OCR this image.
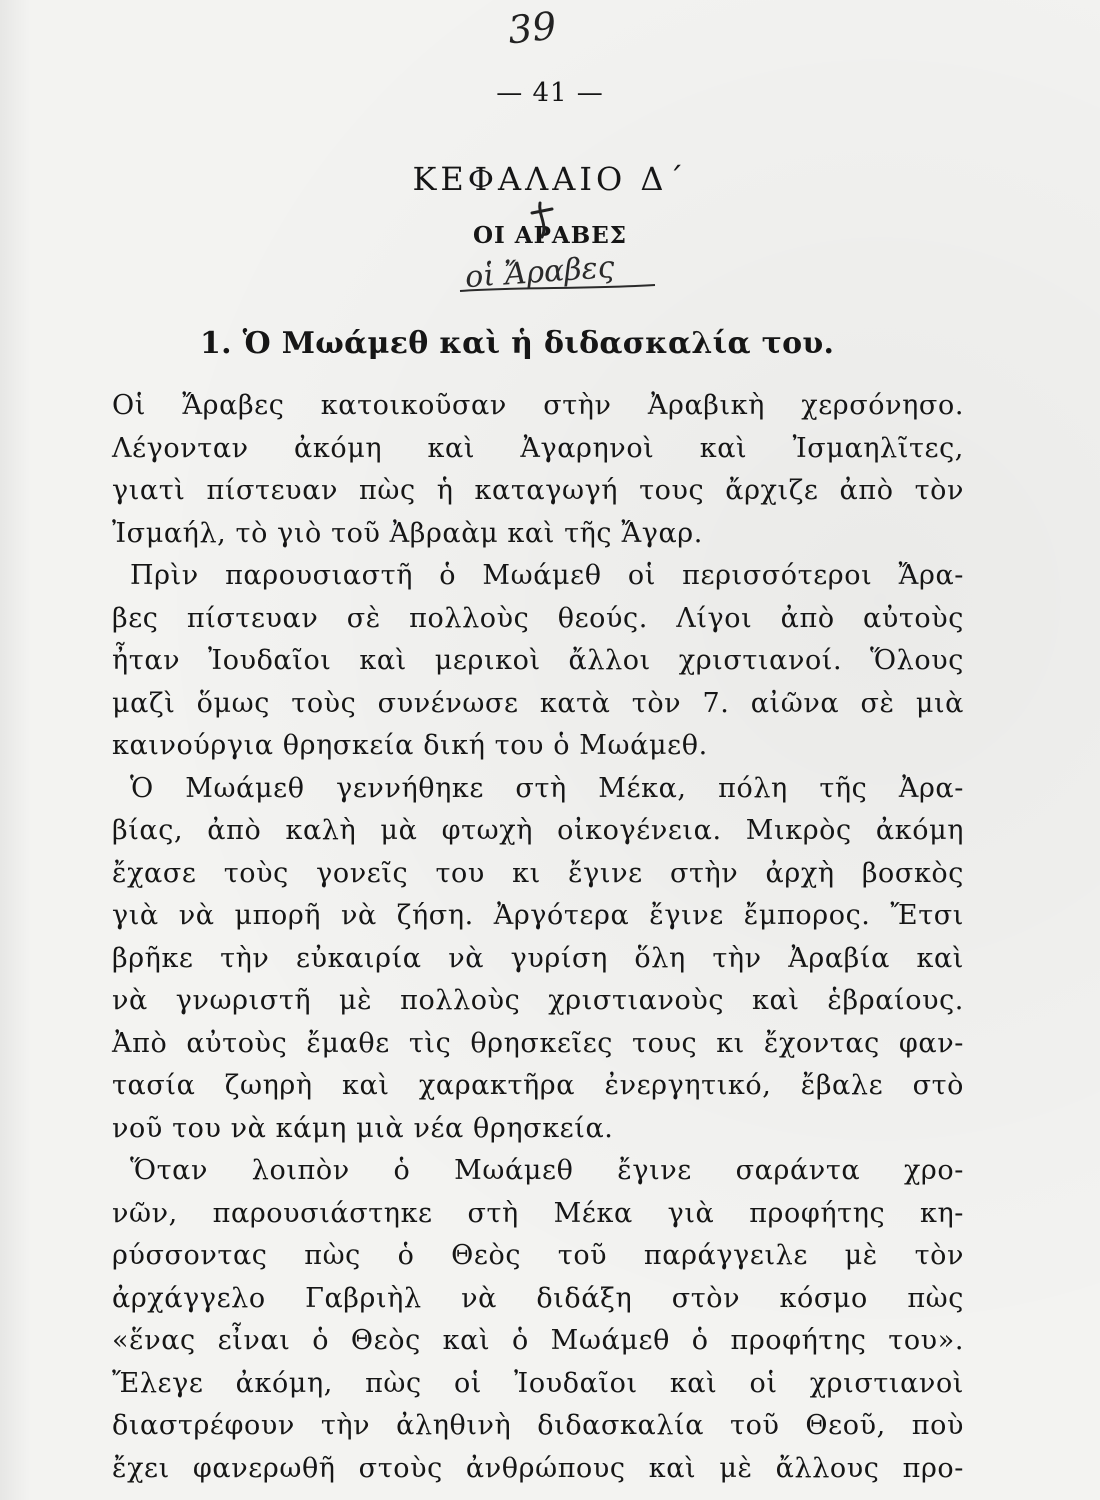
39
— 41 —
ΚΕΦΑΛΑΙΟ Δ΄
ΟΙ ΑΡΑΒΕΣ
οἱ Ἄραβες
1. Ὁ Μωάμεθ καὶ ἡ διδασκαλία του.
Οἱ Ἄραβες κατοικοῦσαν στὴν Ἀραβικὴ χερσόνησο.
Λέγονταν ἀκόμη καὶ Ἀγαρηνοὶ καὶ Ἰσμαηλῖτες,
γιατὶ πίστευαν πὼς ἡ καταγωγή τους ἄρχιζε ἀπὸ τὸν
Ἰσμαήλ, τὸ γιὸ τοῦ Ἀβραὰμ καὶ τῆς Ἄγαρ.
Πρὶν παρουσιαστῆ ὁ Μωάμεθ οἱ περισσότεροι Ἄρα-
βες πίστευαν σὲ πολλοὺς θεούς. Λίγοι ἀπὸ αὐτοὺς
ἦταν Ἰουδαῖοι καὶ μερικοὶ ἄλλοι χριστιανοί. Ὅλους
μαζὶ ὅμως τοὺς συνένωσε κατὰ τὸν 7. αἰῶνα σὲ μιὰ
καινούργια θρησκεία δική του ὁ Μωάμεθ.
Ὁ Μωάμεθ γεννήθηκε στὴ Μέκα, πόλη τῆς Ἀρα-
βίας, ἀπὸ καλὴ μὰ φτωχὴ οἰκογένεια. Μικρὸς ἀκόμη
ἔχασε τοὺς γονεῖς του κι ἔγινε στὴν ἀρχὴ βοσκὸς
γιὰ νὰ μπορῆ νὰ ζήση. Ἀργότερα ἔγινε ἔμπορος. Ἔτσι
βρῆκε τὴν εὐκαιρία νὰ γυρίση ὅλη τὴν Ἀραβία καὶ
νὰ γνωριστῆ μὲ πολλοὺς χριστιανοὺς καὶ ἑβραίους.
Ἀπὸ αὐτοὺς ἔμαθε τὶς θρησκεῖες τους κι ἔχοντας φαν-
τασία ζωηρὴ καὶ χαρακτῆρα ἐνεργητικό, ἔβαλε στὸ
νοῦ του νὰ κάμη μιὰ νέα θρησκεία.
Ὅταν λοιπὸν ὁ Μωάμεθ ἔγινε σαράντα χρο-
νῶν, παρουσιάστηκε στὴ Μέκα γιὰ προφήτης κη-
ρύσσοντας πὼς ὁ Θεὸς τοῦ παράγγειλε μὲ τὸν
ἀρχάγγελο Γαβριὴλ νὰ διδάξη στὸν κόσμο πὼς
«ἕνας εἶναι ὁ Θεὸς καὶ ὁ Μωάμεθ ὁ προφήτης του».
Ἔλεγε ἀκόμη, πὼς οἱ Ἰουδαῖοι καὶ οἱ χριστιανοὶ
διαστρέφουν τὴν ἀληθινὴ διδασκαλία τοῦ Θεοῦ, ποὺ
ἔχει φανερωθῆ στοὺς ἀνθρώπους καὶ μὲ ἄλλους προ-
